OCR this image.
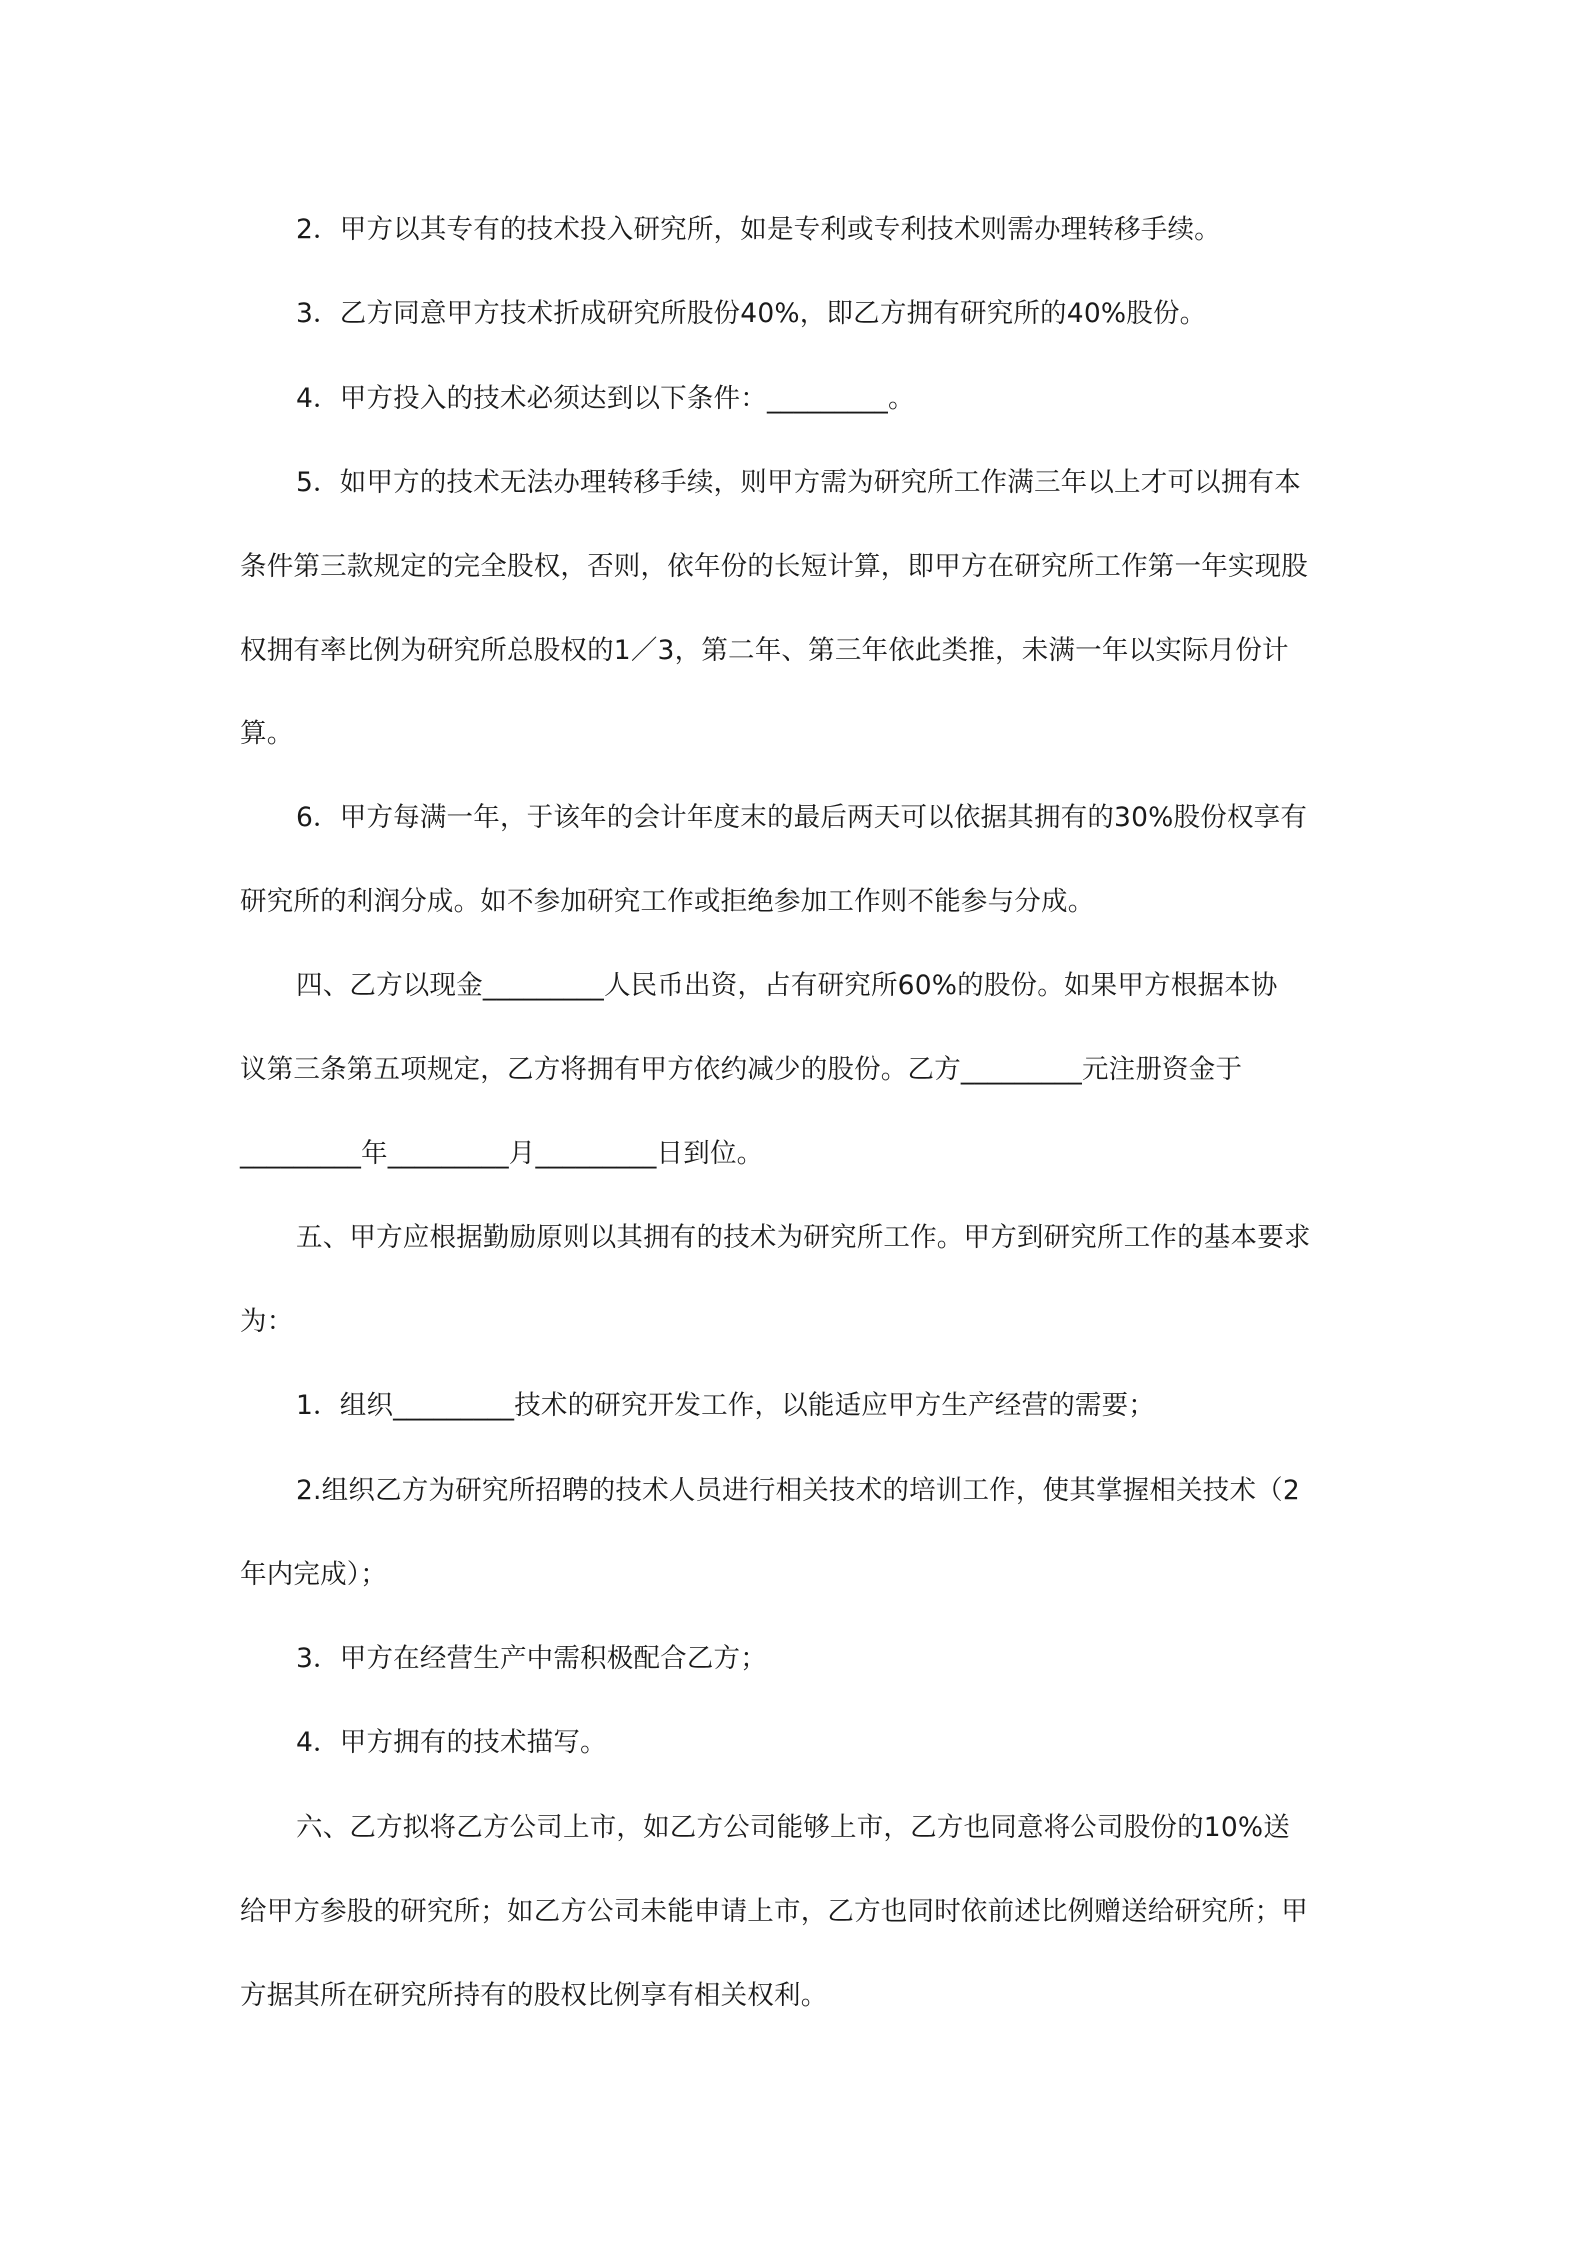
2．甲方以其专有的技术投入研究所，如是专利或专利技术则需办理转移手续。
3．乙方同意甲方技术折成研究所股份40%，即乙方拥有研究所的40%股份。
4．甲方投入的技术必须达到以下条件：_________。
5．如甲方的技术无法办理转移手续，则甲方需为研究所工作满三年以上才可以拥有本
条件第三款规定的完全股权，否则，依年份的长短计算，即甲方在研究所工作第一年实现股
权拥有率比例为研究所总股权的1／3，第二年、第三年依此类推，未满一年以实际月份计
算。
6．甲方每满一年，于该年的会计年度末的最后两天可以依据其拥有的30%股份权享有
研究所的利润分成。如不参加研究工作或拒绝参加工作则不能参与分成。
四、乙方以现金_________人民币出资，占有研究所60%的股份。如果甲方根据本协
议第三条第五项规定，乙方将拥有甲方依约减少的股份。乙方_________元注册资金于
_________年_________月_________日到位。
五、甲方应根据勤励原则以其拥有的技术为研究所工作。甲方到研究所工作的基本要求
为：
1．组织_________技术的研究开发工作，以能适应甲方生产经营的需要；
2.组织乙方为研究所招聘的技术人员进行相关技术的培训工作，使其掌握相关技术（2
年内完成）；
3．甲方在经营生产中需积极配合乙方；
4．甲方拥有的技术描写。
六、乙方拟将乙方公司上市，如乙方公司能够上市，乙方也同意将公司股份的10%送
给甲方参股的研究所；如乙方公司未能申请上市，乙方也同时依前述比例赠送给研究所；甲
方据其所在研究所持有的股权比例享有相关权利。
